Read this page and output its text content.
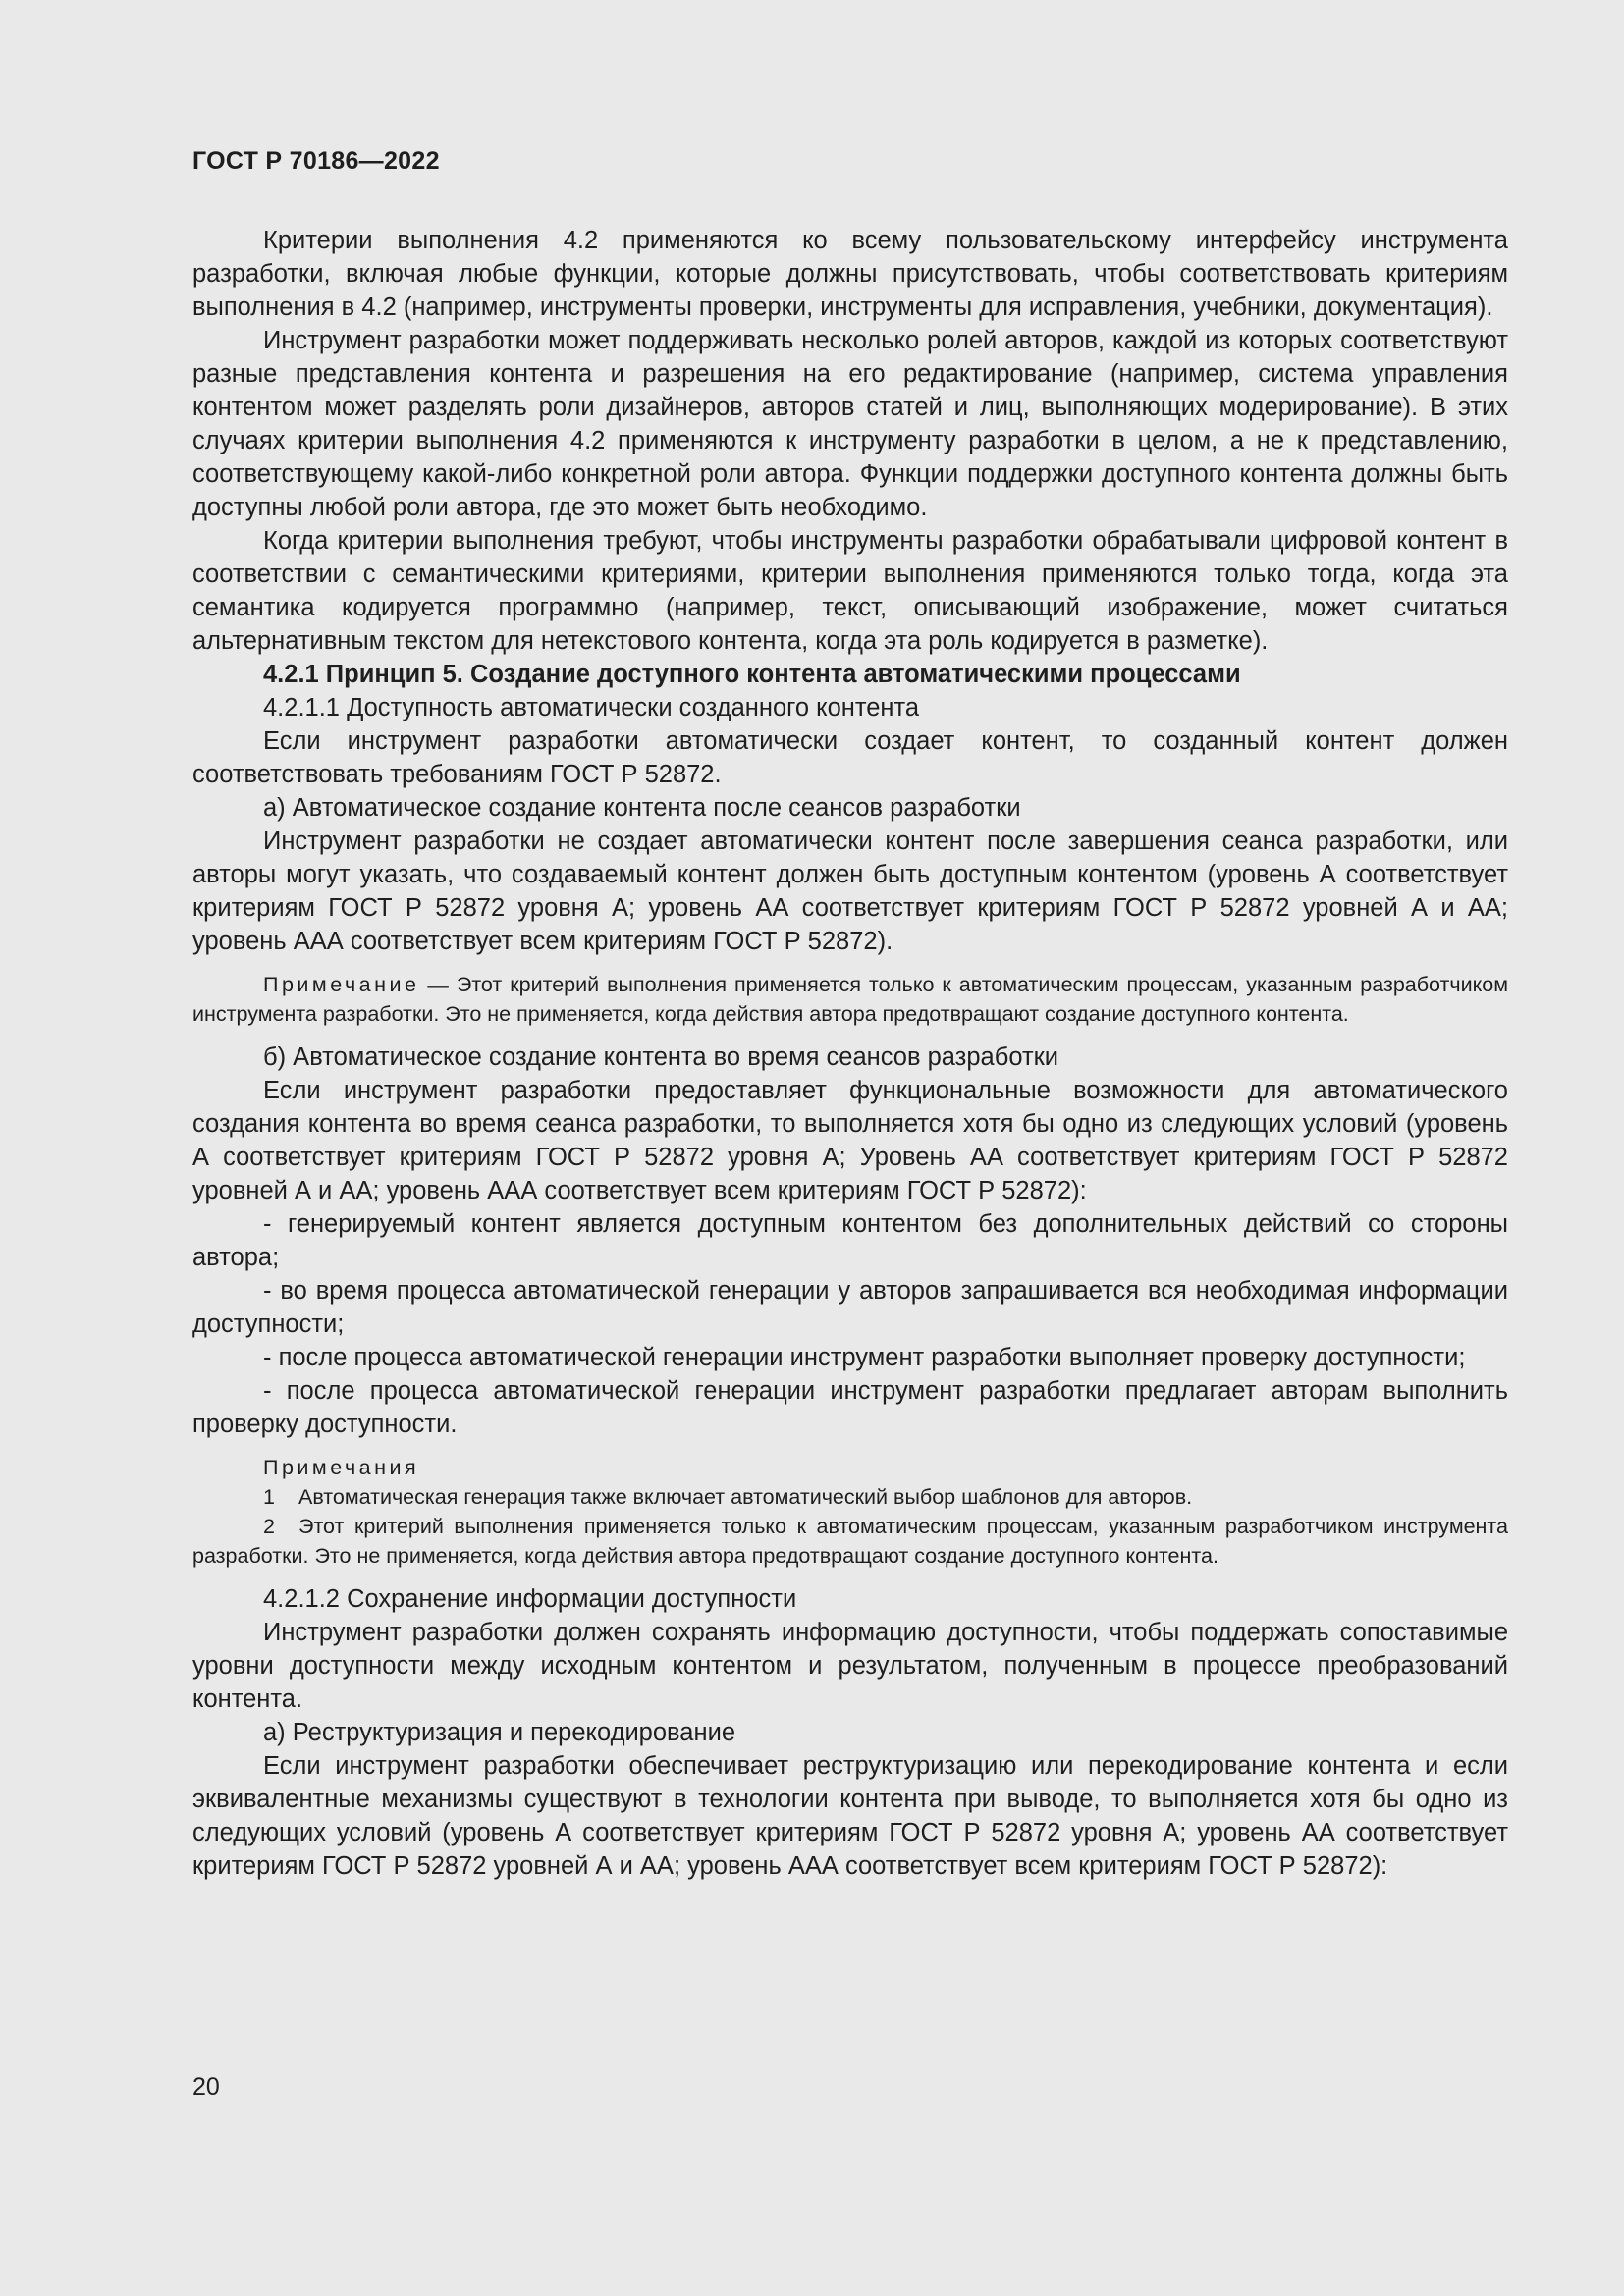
ГОСТ Р 70186—2022

Критерии выполнения 4.2 применяются ко всему пользовательскому интерфейсу инструмента разработки, включая любые функции, которые должны присутствовать, чтобы соответствовать критериям выполнения в 4.2 (например, инструменты проверки, инструменты для исправления, учебники, документация).

Инструмент разработки может поддерживать несколько ролей авторов, каждой из которых соответствуют разные представления контента и разрешения на его редактирование (например, система управления контентом может разделять роли дизайнеров, авторов статей и лиц, выполняющих модерирование). В этих случаях критерии выполнения 4.2 применяются к инструменту разработки в целом, а не к представлению, соответствующему какой-либо конкретной роли автора. Функции поддержки доступного контента должны быть доступны любой роли автора, где это может быть необходимо.

Когда критерии выполнения требуют, чтобы инструменты разработки обрабатывали цифровой контент в соответствии с семантическими критериями, критерии выполнения применяются только тогда, когда эта семантика кодируется программно (например, текст, описывающий изображение, может считаться альтернативным текстом для нетекстового контента, когда эта роль кодируется в разметке).

4.2.1 Принцип 5. Создание доступного контента автоматическими процессами

4.2.1.1 Доступность автоматически созданного контента

Если инструмент разработки автоматически создает контент, то созданный контент должен соответствовать требованиям ГОСТ Р 52872.

а) Автоматическое создание контента после сеансов разработки

Инструмент разработки не создает автоматически контент после завершения сеанса разработки, или авторы могут указать, что создаваемый контент должен быть доступным контентом (уровень А соответствует критериям ГОСТ Р 52872 уровня А; уровень АА соответствует критериям ГОСТ Р 52872 уровней А и АА; уровень ААА соответствует всем критериям ГОСТ Р 52872).

Примечание — Этот критерий выполнения применяется только к автоматическим процессам, указанным разработчиком инструмента разработки. Это не применяется, когда действия автора предотвращают создание доступного контента.

б) Автоматическое создание контента во время сеансов разработки

Если инструмент разработки предоставляет функциональные возможности для автоматического создания контента во время сеанса разработки, то выполняется хотя бы одно из следующих условий (уровень А соответствует критериям ГОСТ Р 52872 уровня А; Уровень АА соответствует критериям ГОСТ Р 52872 уровней А и АА; уровень ААА соответствует всем критериям ГОСТ Р 52872):

- генерируемый контент является доступным контентом без дополнительных действий со стороны автора;

- во время процесса автоматической генерации у авторов запрашивается вся необходимая информации доступности;

- после процесса автоматической генерации инструмент разработки выполняет проверку доступности;

- после процесса автоматической генерации инструмент разработки предлагает авторам выполнить проверку доступности.

Примечания

1 Автоматическая генерация также включает автоматический выбор шаблонов для авторов.

2 Этот критерий выполнения применяется только к автоматическим процессам, указанным разработчиком инструмента разработки. Это не применяется, когда действия автора предотвращают создание доступного контента.

4.2.1.2 Сохранение информации доступности

Инструмент разработки должен сохранять информацию доступности, чтобы поддержать сопоставимые уровни доступности между исходным контентом и результатом, полученным в процессе преобразований контента.

а) Реструктуризация и перекодирование

Если инструмент разработки обеспечивает реструктуризацию или перекодирование контента и если эквивалентные механизмы существуют в технологии контента при выводе, то выполняется хотя бы одно из следующих условий (уровень А соответствует критериям ГОСТ Р 52872 уровня А; уровень АА соответствует критериям ГОСТ Р 52872 уровней А и АА; уровень ААА соответствует всем критериям ГОСТ Р 52872):

20
